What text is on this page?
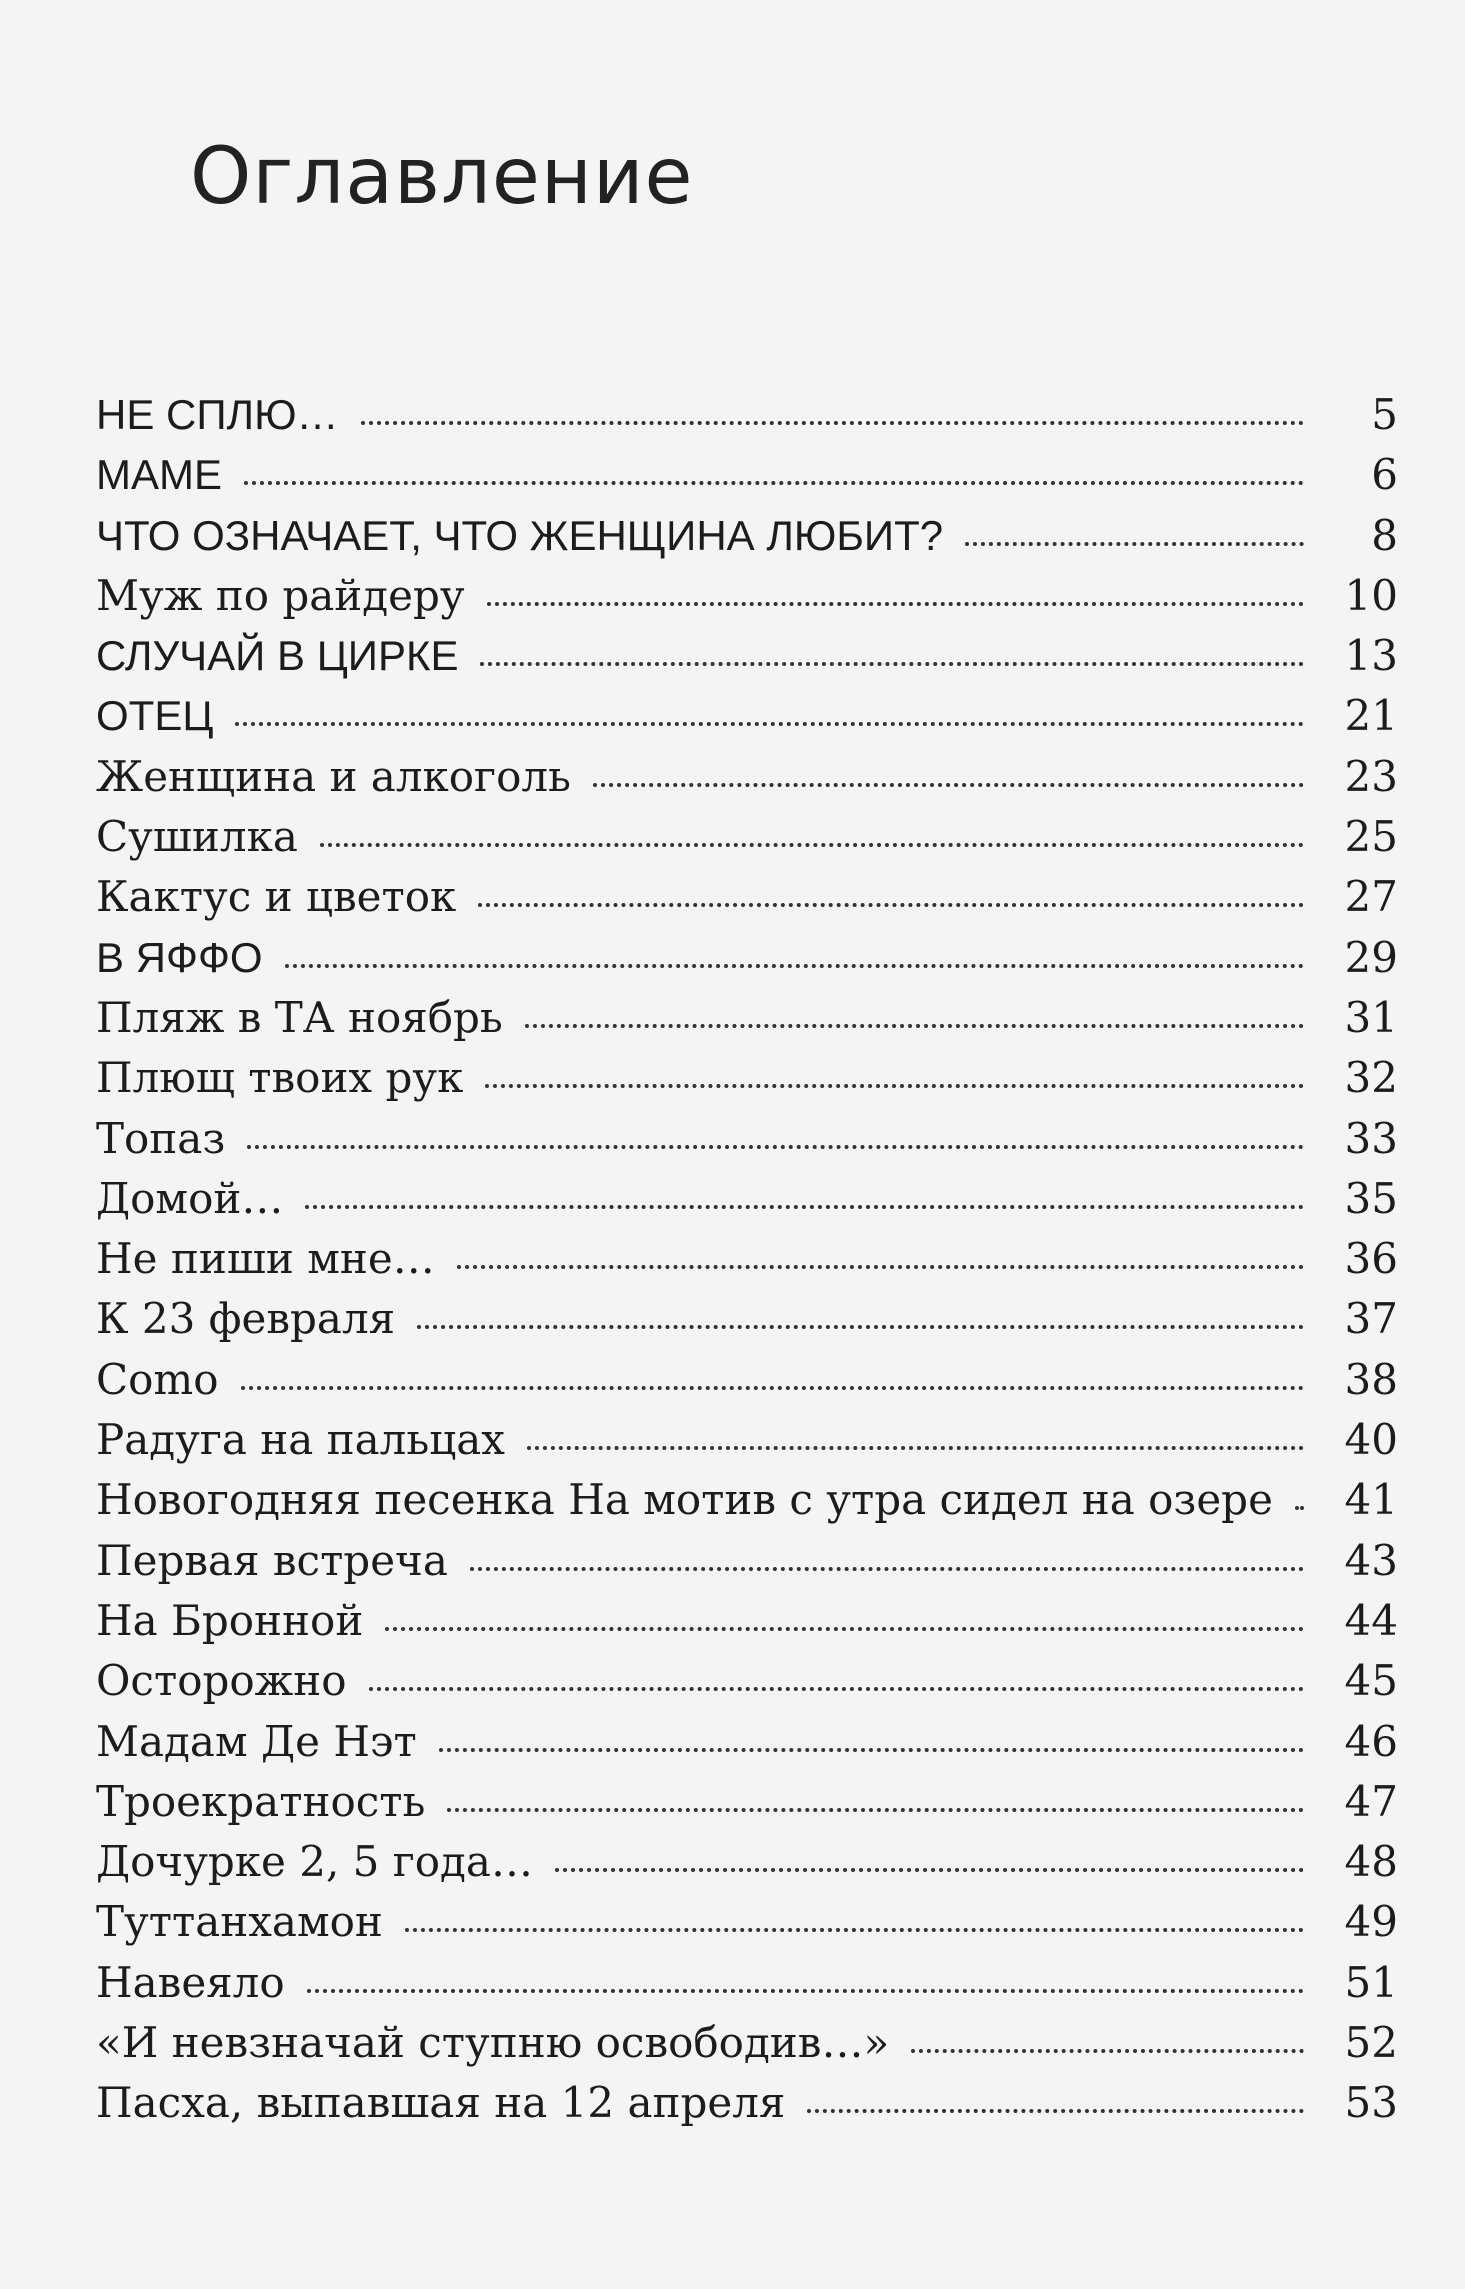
Оглавление
НЕ СПЛЮ…	5
МАМЕ	6
ЧТО ОЗНАЧАЕТ, ЧТО ЖЕНЩИНА ЛЮБИТ?	8
Муж по райдеру	10
СЛУЧАЙ В ЦИРКЕ	13
ОТЕЦ	21
Женщина и алкоголь	23
Сушилка	25
Кактус и цветок	27
В ЯФФО	29
Пляж в ТА ноябрь	31
Плющ твоих рук	32
Топаз	33
Домой…	35
Не пиши мне…	36
К 23 февраля	37
Como	38
Радуга на пальцах	40
Новогодняя песенка На мотив с утра сидел на озере 41
Первая встреча	43
На Бронной	44
Осторожно	45
Мадам Де Нэт	46
Троекратность	47
Дочурке 2, 5 года…	48
Туттанхамон	49
Навеяло	51
«И невзначай ступню освободив…»	52
Пасха, выпавшая на 12 апреля	53
